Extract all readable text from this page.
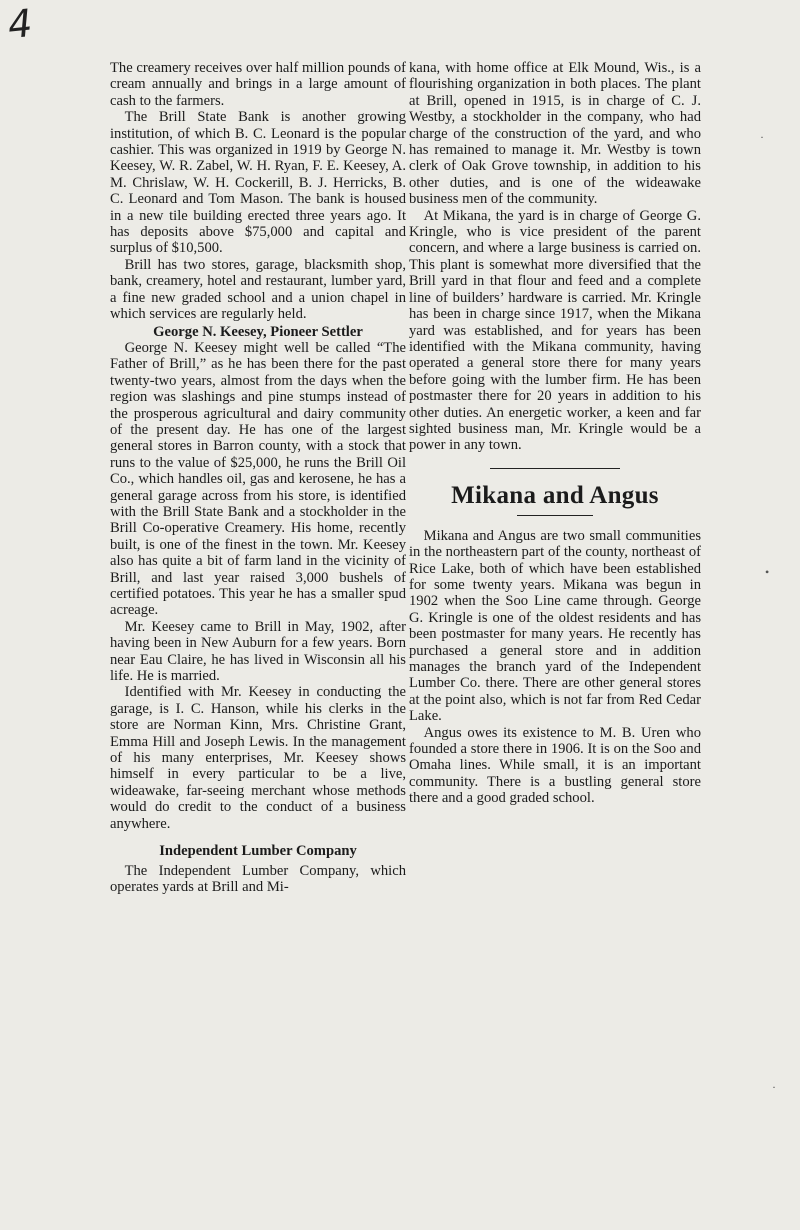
4

The creamery receives over half million pounds of cream annually and brings in a large amount of cash to the farmers.

The Brill State Bank is another growing institution, of which B. C. Leonard is the popular cashier. This was organized in 1919 by George N. Keesey, W. R. Zabel, W. H. Ryan, F. E. Keesey, A. M. Chrislaw, W. H. Cockerill, B. J. Herricks, B. C. Leonard and Tom Mason. The bank is housed in a new tile building erected three years ago. It has deposits above $75,000 and capital and surplus of $10,500.

Brill has two stores, garage, blacksmith shop, bank, creamery, hotel and restaurant, lumber yard, a fine new graded school and a union chapel in which services are regularly held.

George N. Keesey, Pioneer Settler

George N. Keesey might well be called “The Father of Brill,” as he has been there for the past twenty-two years, almost from the days when the region was slashings and pine stumps instead of the prosperous agricultural and dairy community of the present day. He has one of the largest general stores in Barron county, with a stock that runs to the value of $25,000, he runs the Brill Oil Co., which handles oil, gas and kerosene, he has a general garage across from his store, is identified with the Brill State Bank and a stockholder in the Brill Co-operative Creamery. His home, recently built, is one of the finest in the town. Mr. Keesey also has quite a bit of farm land in the vicinity of Brill, and last year raised 3,000 bushels of certified potatoes. This year he has a smaller spud acreage.

Mr. Keesey came to Brill in May, 1902, after having been in New Auburn for a few years. Born near Eau Claire, he has lived in Wisconsin all his life. He is married.

Identified with Mr. Keesey in conducting the garage, is I. C. Hanson, while his clerks in the store are Norman Kinn, Mrs. Christine Grant, Emma Hill and Joseph Lewis. In the management of his many enterprises, Mr. Keesey shows himself in every particular to be a live, wideawake, far-seeing merchant whose methods would do credit to the conduct of a business anywhere.

Independent Lumber Company

The Independent Lumber Company, which operates yards at Brill and Mi-

kana, with home office at Elk Mound, Wis., is a flourishing organization in both places. The plant at Brill, opened in 1915, is in charge of C. J. Westby, a stockholder in the company, who had charge of the construction of the yard, and who has remained to manage it. Mr. Westby is town clerk of Oak Grove township, in addition to his other duties, and is one of the wideawake business men of the community.

At Mikana, the yard is in charge of George G. Kringle, who is vice president of the parent concern, and where a large business is carried on. This plant is somewhat more diversified that the Brill yard in that flour and feed and a complete line of builders’ hardware is carried. Mr. Kringle has been in charge since 1917, when the Mikana yard was established, and for years has been identified with the Mikana community, having operated a general store there for many years before going with the lumber firm. He has been postmaster there for 20 years in addition to his other duties. An energetic worker, a keen and far sighted business man, Mr. Kringle would be a power in any town.

Mikana and Angus

Mikana and Angus are two small communities in the northeastern part of the county, northeast of Rice Lake, both of which have been established for some twenty years. Mikana was begun in 1902 when the Soo Line came through. George G. Kringle is one of the oldest residents and has been postmaster for many years. He recently has purchased a general store and in addition manages the branch yard of the Independent Lumber Co. there. There are other general stores at the point also, which is not far from Red Cedar Lake.

Angus owes its existence to M. B. Uren who founded a store there in 1906. It is on the Soo and Omaha lines. While small, it is an important community. There is a bustling general store there and a good graded school.

•
·
·
